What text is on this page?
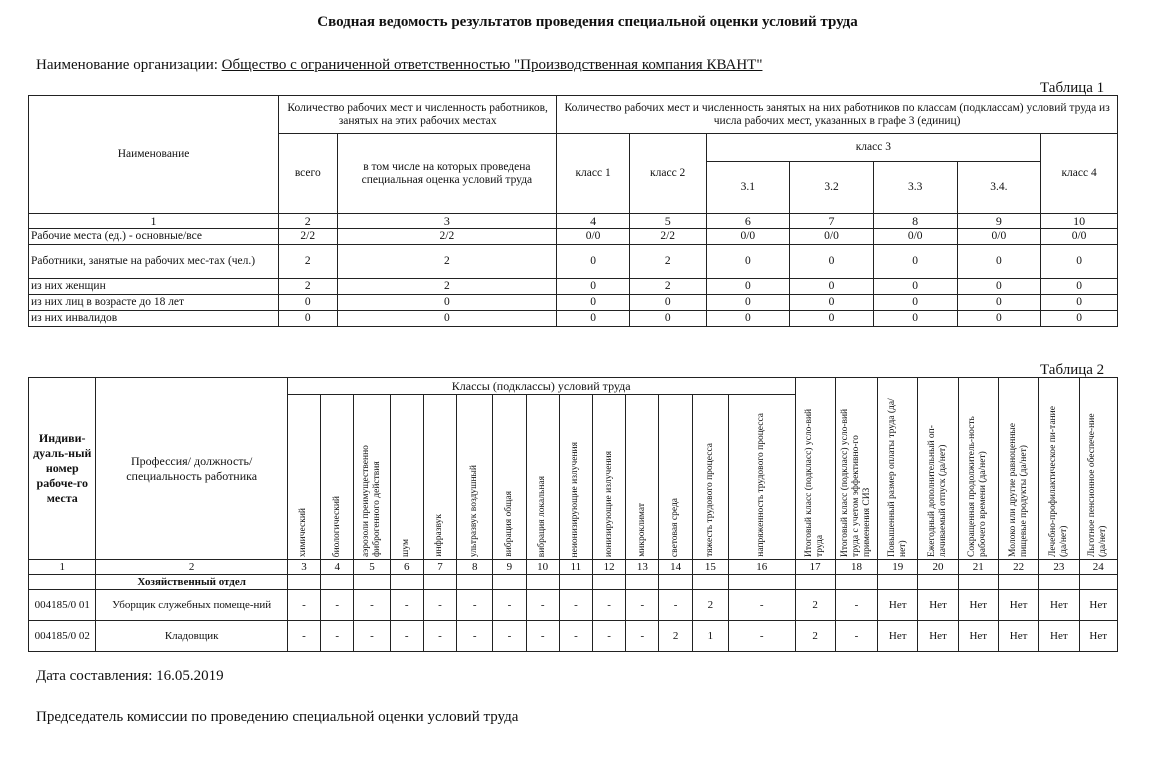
Сводная ведомость результатов проведения специальной оценки условий труда
Наименование организации: Общество с ограниченной ответственностью "Производственная компания КВАНТ"
Таблица 1
Наименование	Количество рабочих мест и численность работников, занятых на этих рабочих местах		Количество рабочих мест и численность занятых на них работников по классам (подклассам) условий труда из числа рабочих мест, указанных в графе 3 (единиц)						
	всего	в том числе на которых проведена специальная оценка условий труда	класс 1	класс 2	класс 3				класс 4
					3.1	3.2	3.3	3.4.	
1	2	3	4	5	6	7	8	9	10
Рабочие места (ед.) - основные/все	2/2	2/2	0/0	2/2	0/0	0/0	0/0	0/0	0/0
Работники, занятые на рабочих мес-тах (чел.)	2	2	0	2	0	0	0	0	0
из них женщин	2	2	0	2	0	0	0	0	0
из них лиц в возрасте до 18 лет	0	0	0	0	0	0	0	0	0
из них инвалидов	0	0	0	0	0	0	0	0	0
Таблица 2
Индиви-дуаль-ный номер рабоче-го места	Профессия/ должность/ специальность работника	Классы (подклассы) условий труда														Итоговый класс (подкласс) усло-вий труда	Итоговый класс (подкласс) усло-вий труда с учетом эффективно-го применения СИЗ	Повышенный размер оплаты труда (да/нет)	Ежегодный дополнительный оп-лачиваемый отпуск (да/нет)	Сокращенная продолжитель-ность рабочего времени (да/нет)	Молоко или другие равноценные пищевые продукты (да/нет)	Лечебно-профилактическое пи-тание (да/нет)	Льготное пенсионное обеспече-ние (да/нет)

		химический	биологический	аэрозоли преимущественно фиброгенного действия	шум	инфразвук	ультразвук воздушный	вибрация общая	вибрация локальная	неионизирующие излучения	ионизирующие излучения	микроклимат	световая среда	тяжесть трудового процесса	напряженность трудового процесса								

1	2	3	4	5	6	7	8	9	10	11	12	13	14	15	16	17	18	19	20	21	22	23	24
	Хозяйственный отдел																						
004185/0 01	Уборщик служебных помеще-ний	-	-	-	-	-	-	-	-	-	-	-	-	2	-	2	-	Нет	Нет	Нет	Нет	Нет	Нет
004185/0 02	Кладовщик	-	-	-	-	-	-	-	-	-	-	-	2	1	-	2	-	Нет	Нет	Нет	Нет	Нет	Нет
Дата составления: 16.05.2019
Председатель комиссии по проведению специальной оценки условий труда
